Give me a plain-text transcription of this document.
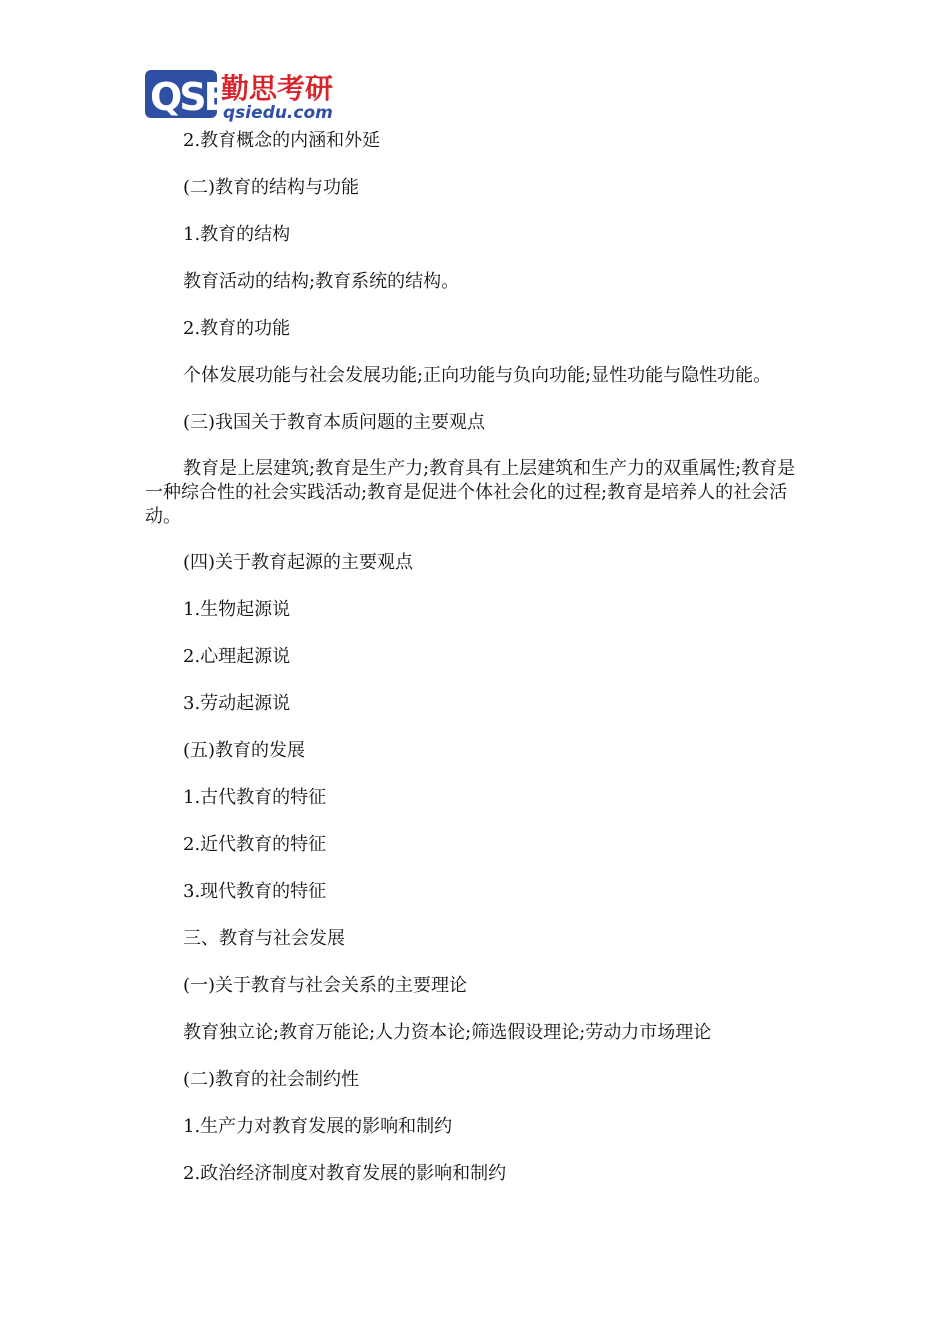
QSE
勤思考研
qsiedu.com

2.教育概念的内涵和外延

(二)教育的结构与功能

1.教育的结构

教育活动的结构;教育系统的结构。

2.教育的功能

个体发展功能与社会发展功能;正向功能与负向功能;显性功能与隐性功能。

(三)我国关于教育本质问题的主要观点

教育是上层建筑;教育是生产力;教育具有上层建筑和生产力的双重属性;教育是一种综合性的社会实践活动;教育是促进个体社会化的过程;教育是培养人的社会活动。

(四)关于教育起源的主要观点

1.生物起源说

2.心理起源说

3.劳动起源说

(五)教育的发展

1.古代教育的特征

2.近代教育的特征

3.现代教育的特征

三、教育与社会发展

(一)关于教育与社会关系的主要理论

教育独立论;教育万能论;人力资本论;筛选假设理论;劳动力市场理论

(二)教育的社会制约性

1.生产力对教育发展的影响和制约

2.政治经济制度对教育发展的影响和制约
